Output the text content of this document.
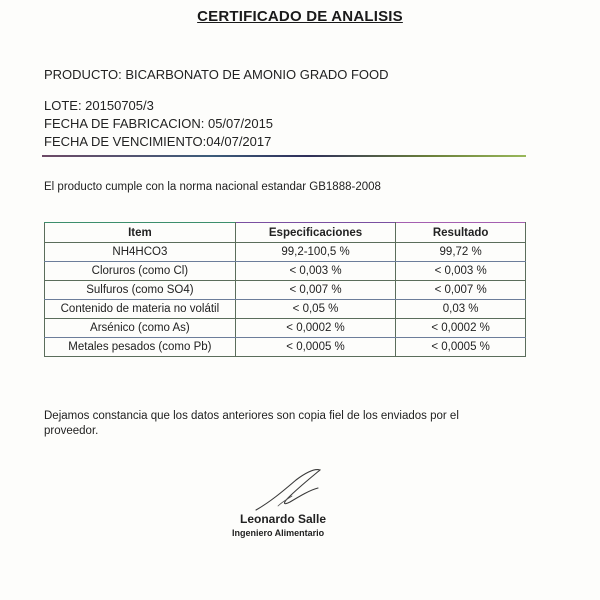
CERTIFICADO DE ANALISIS
PRODUCTO: BICARBONATO DE AMONIO GRADO FOOD
LOTE: 20150705/3
FECHA DE FABRICACION: 05/07/2015
FECHA DE VENCIMIENTO:04/07/2017
El producto cumple con la norma nacional estandar GB1888-2008
Item	Especificaciones	Resultado
NH4HCO3	99,2-100,5 %	99,72 %
Cloruros (como Cl)	< 0,003 %	< 0,003 %
Sulfuros (como SO4)	< 0,007 %	< 0,007 %
Contenido de materia no volátil	< 0,05 %	0,03 %
Arsénico (como As)	< 0,0002 %	< 0,0002 %
Metales pesados (como Pb)	< 0,0005 %	< 0,0005 %
Dejamos constancia que los datos anteriores son copia fiel de los enviados por el proveedor.
Leonardo Salle
Ingeniero Alimentario
